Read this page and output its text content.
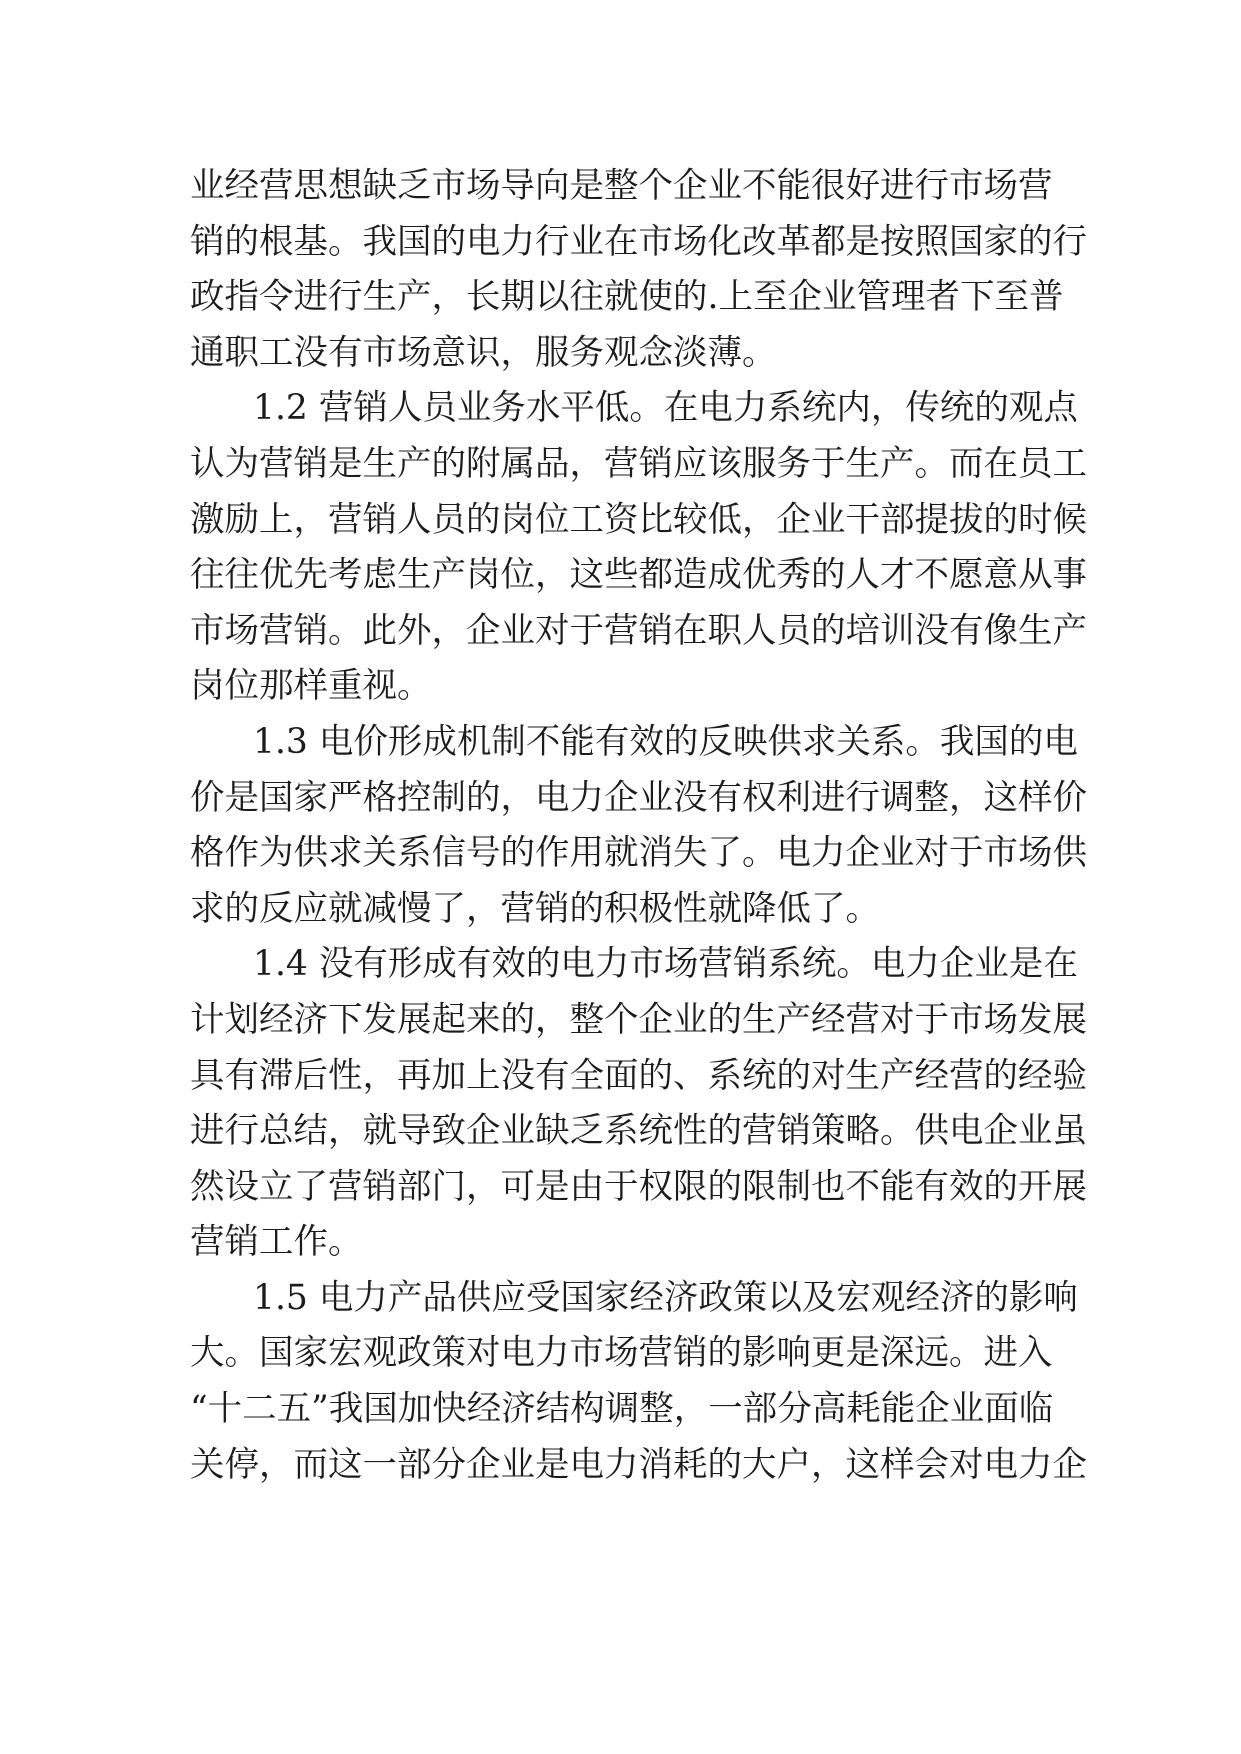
业经营思想缺乏市场导向是整个企业不能很好进行市场营
销的根基。我国的电力行业在市场化改革都是按照国家的行
政指令进行生产，长期以往就使的.上至企业管理者下至普
通职工没有市场意识，服务观念淡薄。
1.2 营销人员业务水平低。在电力系统内，传统的观点
认为营销是生产的附属品，营销应该服务于生产。而在员工
激励上，营销人员的岗位工资比较低，企业干部提拔的时候
往往优先考虑生产岗位，这些都造成优秀的人才不愿意从事
市场营销。此外，企业对于营销在职人员的培训没有像生产
岗位那样重视。
1.3 电价形成机制不能有效的反映供求关系。我国的电
价是国家严格控制的，电力企业没有权利进行调整，这样价
格作为供求关系信号的作用就消失了。电力企业对于市场供
求的反应就减慢了，营销的积极性就降低了。
1.4 没有形成有效的电力市场营销系统。电力企业是在
计划经济下发展起来的，整个企业的生产经营对于市场发展
具有滞后性，再加上没有全面的、系统的对生产经营的经验
进行总结，就导致企业缺乏系统性的营销策略。供电企业虽
然设立了营销部门，可是由于权限的限制也不能有效的开展
营销工作。
1.5 电力产品供应受国家经济政策以及宏观经济的影响
大。国家宏观政策对电力市场营销的影响更是深远。进入
“十二五”我国加快经济结构调整，一部分高耗能企业面临
关停，而这一部分企业是电力消耗的大户，这样会对电力企
